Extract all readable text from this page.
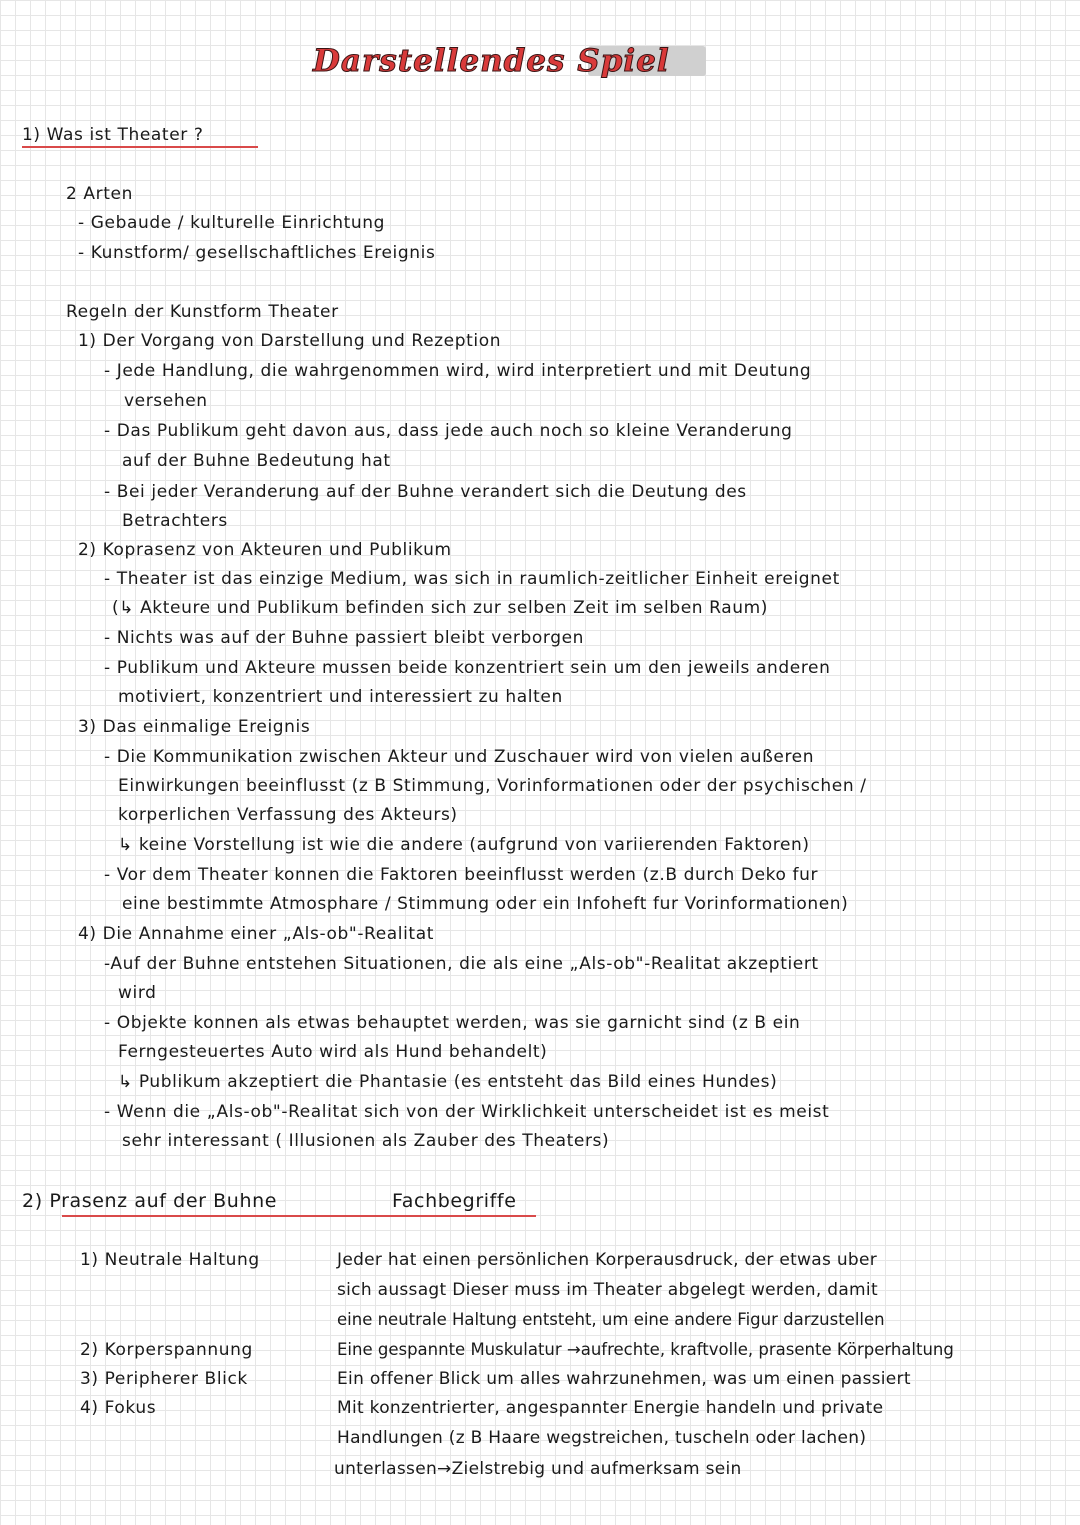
Darstellendes Spiel
1) Was ist Theater ?
2 Arten
- Gebaude / kulturelle Einrichtung
- Kunstform/ gesellschaftliches Ereignis
Regeln der Kunstform Theater
1) Der Vorgang von Darstellung und Rezeption
- Jede Handlung, die wahrgenommen wird, wird interpretiert und mit Deutung
versehen
- Das Publikum geht davon aus, dass jede auch noch so kleine Veranderung
auf der Buhne Bedeutung hat
- Bei jeder Veranderung auf der Buhne verandert sich die Deutung des
Betrachters
2) Koprasenz von Akteuren und Publikum
- Theater ist das einzige Medium, was sich in raumlich-zeitlicher Einheit ereignet
(↳ Akteure und Publikum befinden sich zur selben Zeit im selben Raum)
- Nichts was auf der Buhne passiert bleibt verborgen
- Publikum und Akteure mussen beide konzentriert sein um den jeweils anderen
motiviert, konzentriert und interessiert zu halten
3) Das einmalige Ereignis
- Die Kommunikation zwischen Akteur und Zuschauer wird von vielen außeren
Einwirkungen beeinflusst (z B Stimmung, Vorinformationen oder der psychischen /
korperlichen Verfassung des Akteurs)
↳ keine Vorstellung ist wie die andere (aufgrund von variierenden Faktoren)
- Vor dem Theater konnen die Faktoren beeinflusst werden (z.B durch Deko fur
eine bestimmte Atmosphare / Stimmung oder ein Infoheft fur Vorinformationen)
4) Die Annahme einer „Als-ob"-Realitat
-Auf der Buhne entstehen Situationen, die als eine „Als-ob"-Realitat akzeptiert
wird
- Objekte konnen als etwas behauptet werden, was sie garnicht sind (z B ein
Ferngesteuertes Auto wird als Hund behandelt)
↳ Publikum akzeptiert die Phantasie (es entsteht das Bild eines Hundes)
- Wenn die „Als-ob"-Realitat sich von der Wirklichkeit unterscheidet ist es meist
sehr interessant ( Illusionen als Zauber des Theaters)
2) Prasenz auf der Buhne	Fachbegriffe
1) Neutrale Haltung
2) Korperspannung
3) Peripherer Blick
4) Fokus
Jeder hat einen persönlichen Korperausdruck, der etwas uber
sich aussagt Dieser muss im Theater abgelegt werden, damit
eine neutrale Haltung entsteht, um eine andere Figur darzustellen
Eine gespannte Muskulatur →aufrechte, kraftvolle, prasente Körperhaltung
Ein offener Blick um alles wahrzunehmen, was um einen passiert
Mit konzentrierter, angespannter Energie handeln und private
Handlungen (z B Haare wegstreichen, tuscheln oder lachen)
unterlassen→Zielstrebig und aufmerksam sein
